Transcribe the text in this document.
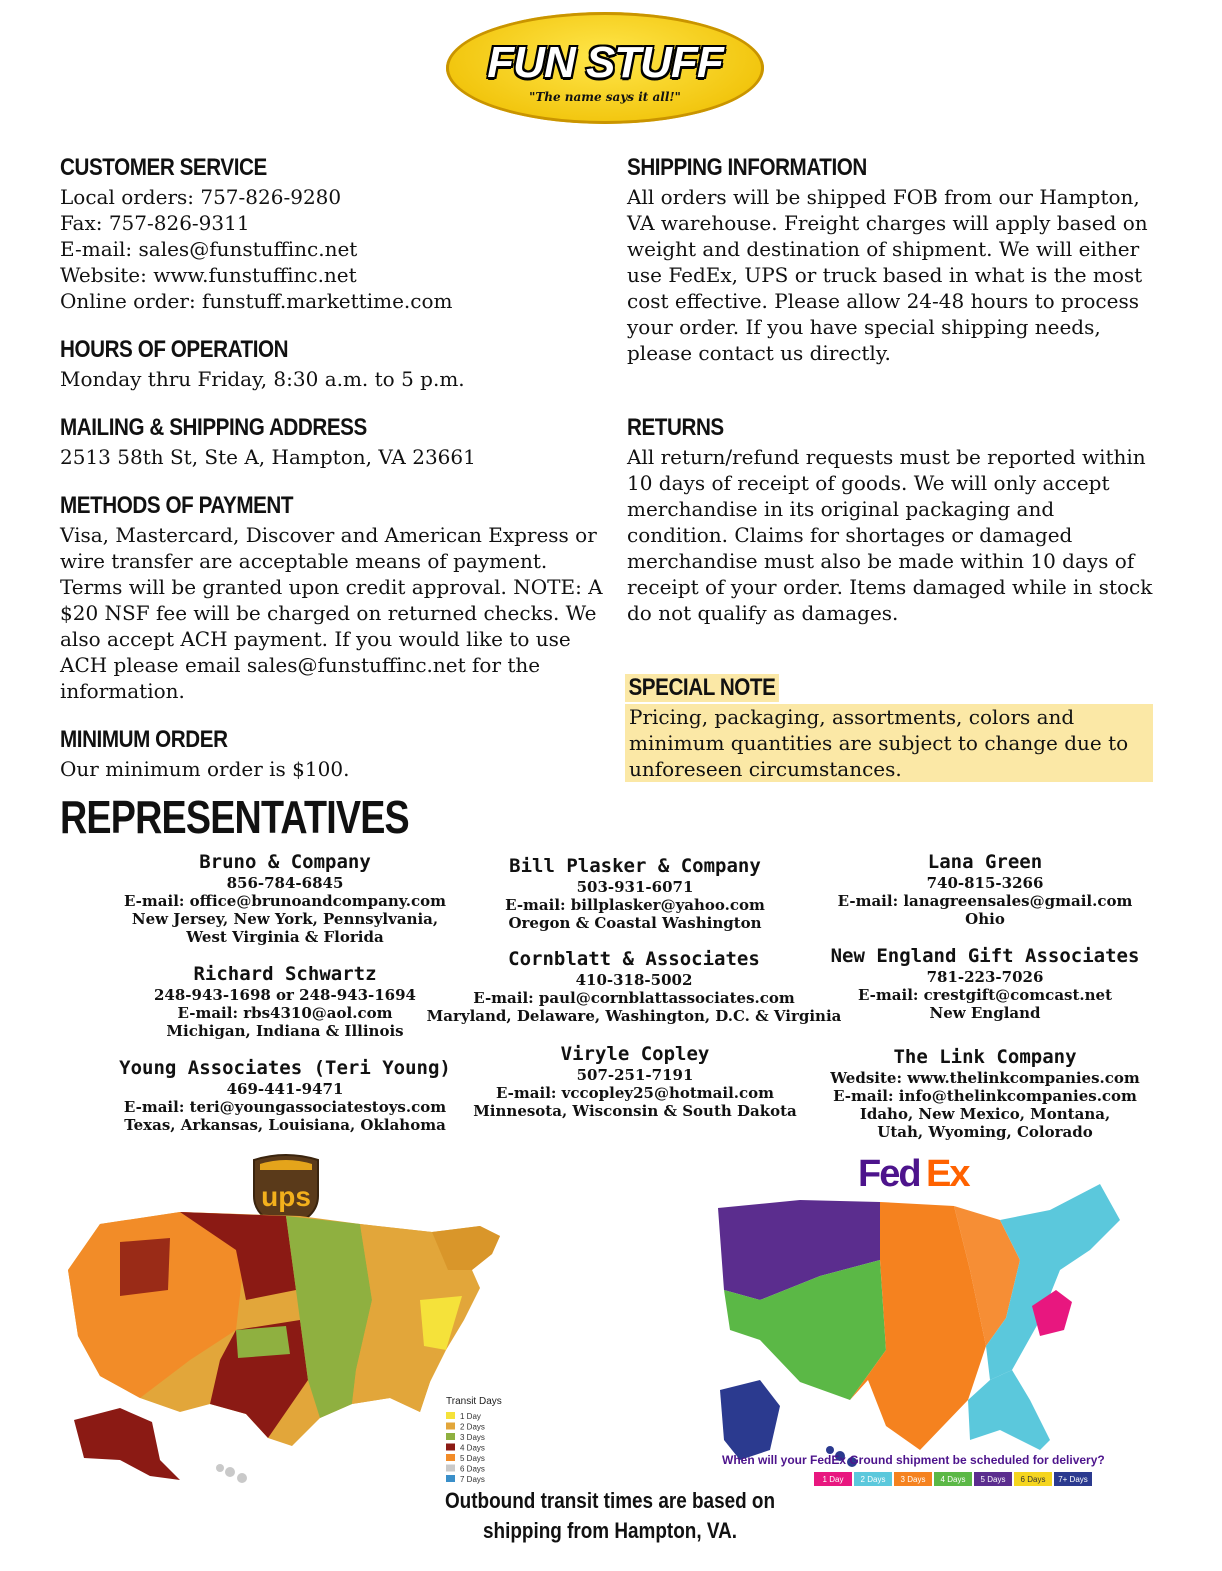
FUN STUFF
"The name says it all!"
CUSTOMER SERVICE
Local orders: 757-826-9280
Fax: 757-826-9311
E-mail: sales@funstuffinc.net
Website: www.funstuffinc.net
Online order: funstuff.markettime.com
HOURS OF OPERATION
Monday thru Friday, 8:30 a.m. to 5 p.m.
MAILING & SHIPPING ADDRESS
2513 58th St, Ste A, Hampton, VA 23661
METHODS OF PAYMENT
Visa, Mastercard, Discover and American Express or wire transfer are acceptable means of payment. Terms will be granted upon credit approval. NOTE: A $20 NSF fee will be charged on returned checks. We also accept ACH payment. If you would like to use ACH please email sales@funstuffinc.net for the information.
MINIMUM ORDER
Our minimum order is $100.
SHIPPING INFORMATION
All orders will be shipped FOB from our Hampton, VA warehouse. Freight charges will apply based on weight and destination of shipment. We will either use FedEx, UPS or truck based in what is the most cost effective. Please allow 24-48 hours to process your order. If you have special shipping needs, please contact us directly.
RETURNS
All return/refund requests must be reported within 10 days of receipt of goods. We will only accept merchandise in its original packaging and condition. Claims for shortages or damaged merchandise must also be made within 10 days of receipt of your order. Items damaged while in stock do not qualify as damages.
SPECIAL NOTE
Pricing, packaging, assortments, colors and minimum quantities are subject to change due to unforeseen circumstances.
REPRESENTATIVES
Bruno & Company
856-784-6845
E-mail: office@brunoandcompany.com
New Jersey, New York, Pennsylvania,
West Virginia & Florida
Richard Schwartz
248-943-1698 or 248-943-1694
E-mail: rbs4310@aol.com
Michigan, Indiana & Illinois
Young Associates (Teri Young)
469-441-9471
E-mail: teri@youngassociatestoys.com
Texas, Arkansas, Louisiana, Oklahoma
Bill Plasker & Company
503-931-6071
E-mail: billplasker@yahoo.com
Oregon & Coastal Washington
Cornblatt & Associates
410-318-5002
E-mail: paul@cornblattassociates.com
Maryland, Delaware, Washington, D.C. & Virginia
Viryle Copley
507-251-7191
E-mail: vccopley25@hotmail.com
Minnesota, Wisconsin & South Dakota
Lana Green
740-815-3266
E-mail: lanagreensales@gmail.com
Ohio
New England Gift Associates
781-223-7026
E-mail: crestgift@comcast.net
New England
The Link Company
Wedsite: www.thelinkcompanies.com
E-mail: info@thelinkcompanies.com
Idaho, New Mexico, Montana,
Utah, Wyoming, Colorado
ups
Transit Days
1 Day
2 Days
3 Days
4 Days
5 Days
6 Days
7 Days
Fed Ex
When will your FedEx Ground shipment be scheduled for delivery?
1 Day 2 Days 3 Days 4 Days 5 Days 6 Days 7+ Days
Outbound transit times are based on
shipping from Hampton, VA.
